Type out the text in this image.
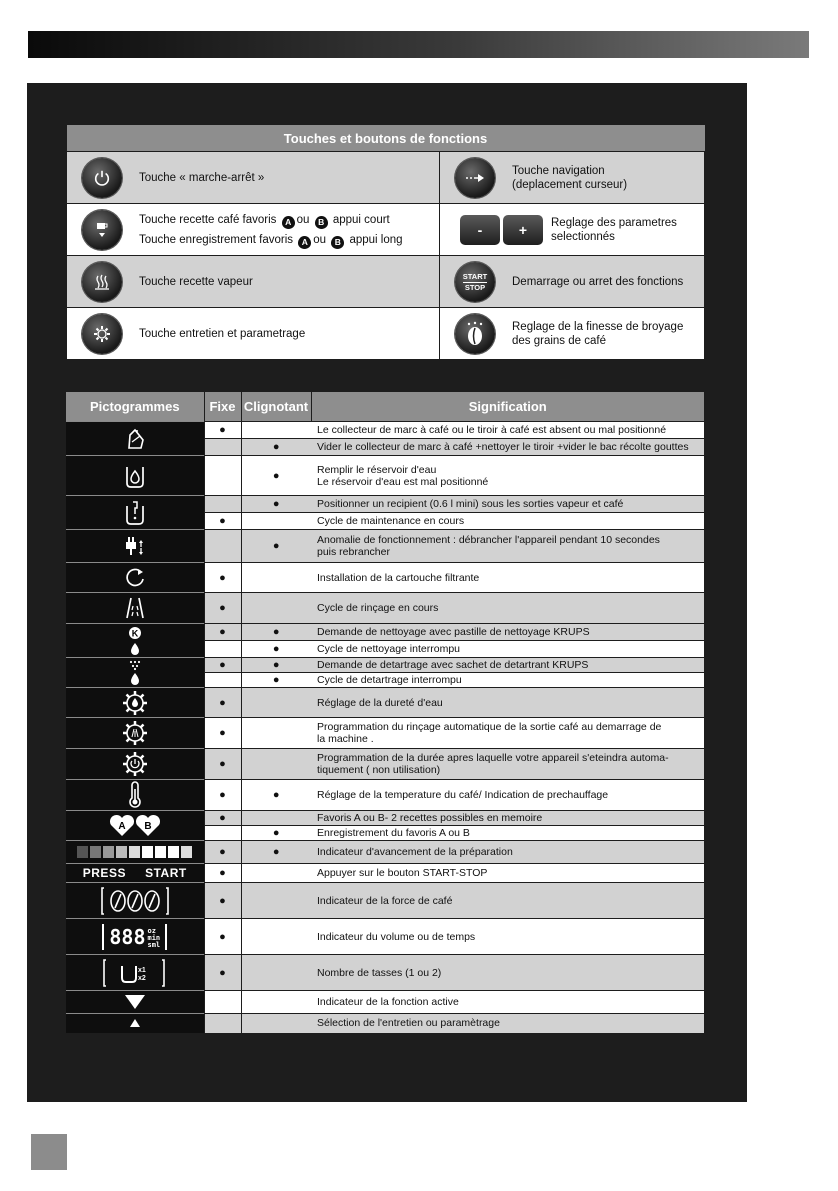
Touches et boutons de fonctions	

Touche « marche-arrêt »	Touche navigation
(deplacement curseur)

Touche recette café favoris A ou B appui court
Touche enregistrement favoris A ou B appui long	- + Reglage des parametres
selectionnés

Touche recette vapeur	START
STOP Demarrage ou arret des fonctions

Touche entretien et parametrage	Reglage de la finesse de broyage
des grains de café
Pictogrammes	Fixe	Clignotant	Signification

	●		Le collecteur de marc à café ou le tiroir à café est absent ou mal positionné
		●	Vider le collecteur de marc à café +nettoyer le tiroir +vider le bac récolte gouttes

		●	Remplir le réservoir d'eau
Le réservoir d'eau est mal positionné

		●	Positionner un recipient (0.6 l mini) sous les sorties vapeur et café
	●		Cycle de maintenance en cours

		●	Anomalie de fonctionnement : débrancher l'appareil pendant 10 secondes
puis rebrancher

	●		Installation de la cartouche filtrante

	●		Cycle de rinçage en cours

K	●	●	Demande de nettoyage avec pastille de nettoyage KRUPS
		●	Cycle de nettoyage interrompu

	●	●	Demande de detartrage avec sachet de detartrant KRUPS
		●	Cycle de detartrage interrompu

	●		Réglage de la dureté d'eau

	●		Programmation du rinçage automatique de la sortie café au demarrage de
la machine .

	●		Programmation de la durée apres laquelle votre appareil s'eteindra automa-
tiquement ( non utilisation)

	●	●	Réglage de la temperature du café/ Indication de prechauffage

A B	●		Favoris A ou B- 2 recettes possibles en memoire
		●	Enregistrement du favoris A ou B

	●	●	Indicateur d'avancement de la préparation
PRESS     START	●		Appuyer sur le bouton START-STOP

	●		Indicateur de la force de café
888 oz
min
sml	●		Indicateur du volume ou de temps

x1
x2	●		Nombre de tasses (1 ou 2)

			Indicateur de la fonction active

			Sélection de l'entretien ou paramètrage
